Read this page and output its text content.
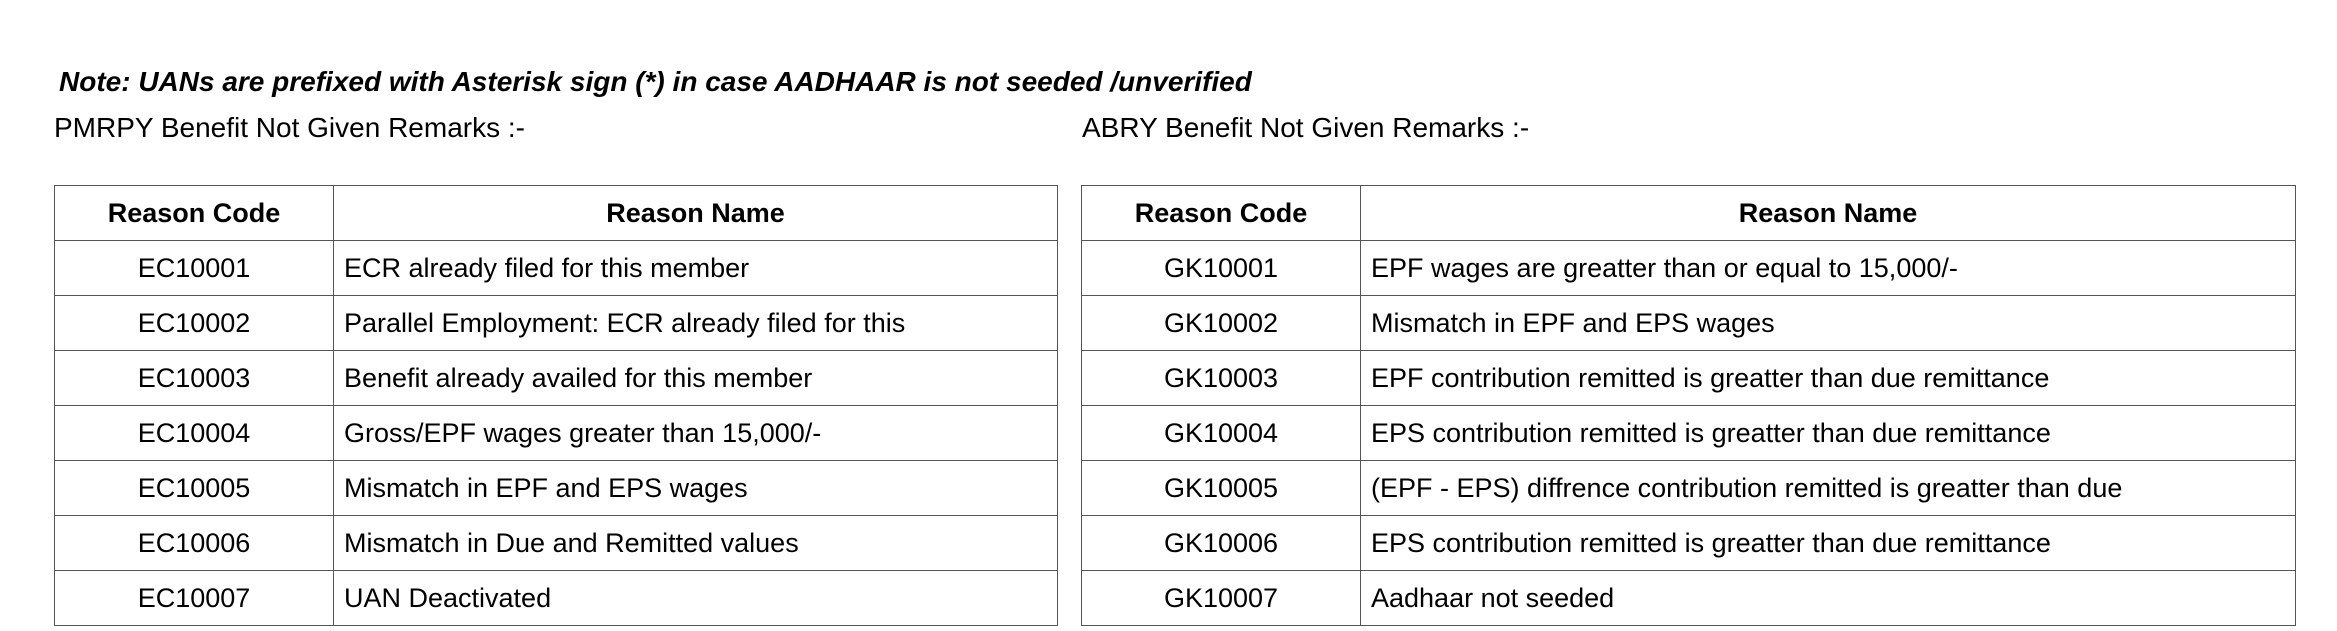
Note: UANs are prefixed with Asterisk sign (*) in case AADHAAR is not seeded /unverified
PMRPY Benefit Not Given Remarks :-	ABRY Benefit Not Given Remarks :-
Reason Code	Reason Name
EC10001	ECR already filed for this member
EC10002	Parallel Employment: ECR already filed for this
EC10003	Benefit already availed for this member
EC10004	Gross/EPF wages greater than 15,000/-
EC10005	Mismatch in EPF and EPS wages
EC10006	Mismatch in Due and Remitted values
EC10007	UAN Deactivated
Reason Code	Reason Name
GK10001	EPF wages are greatter than or equal to 15,000/-
GK10002	Mismatch in EPF and EPS wages
GK10003	EPF contribution remitted is greatter than due remittance
GK10004	EPS contribution remitted is greatter than due remittance
GK10005	(EPF - EPS) diffrence contribution remitted is greatter than due
GK10006	EPS contribution remitted is greatter than due remittance
GK10007	Aadhaar not seeded
